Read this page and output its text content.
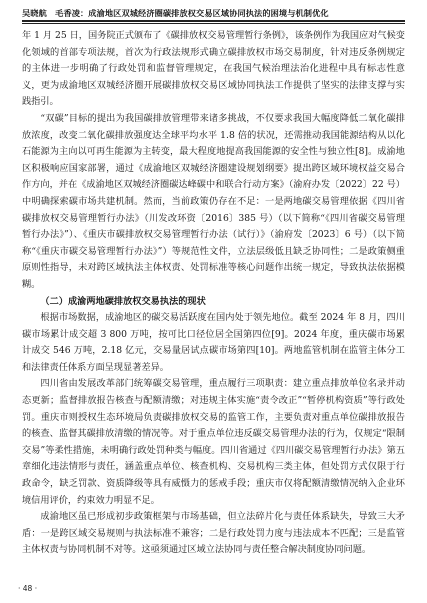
吴晓航　毛香凌：成渝地区双城经济圈碳排放权交易区域协同执法的困境与机制优化

年 1 月 25 日，国务院正式颁布了《碳排放权交易管理暂行条例》，该条例作为我国应对气候变化领域的首部专项法规，首次为行政法规形式确立碳排放权市场交易制度，针对违反条例规定的主体进一步明确了行政处罚和监督管理规定，在我国气候治理法治化进程中具有标志性意义，更为成渝地区双城经济圈开展碳排放权交易区域协同执法工作提供了坚实的法律支撑与实践指引。

“双碳”目标的提出为我国碳排放管理带来诸多挑战，不仅要求我国大幅度降低二氧化碳排放浓度，改变二氧化碳排放强度达全球平均水平 1.8 倍的状况，还需推动我国能源结构从以化石能源为主向以可再生能源为主转变，最大程度地提高我国能源的安全性与独立性[8]。成渝地区积极响应国家部署，通过《成渝地区双城经济圈建设规划纲要》提出跨区域环境权益交易合作方向，并在《成渝地区双城经济圈碳达峰碳中和联合行动方案》（渝府办发〔2022〕22 号）中明确探索碳市场共建机制。然而，当前政策仍存在不足：一是两地碳交易管理依据《四川省碳排放权交易管理暂行办法》（川发改环资〔2016〕385 号）（以下简称“《四川省碳交易管理暂行办法》”）、《重庆市碳排放权交易管理暂行办法（试行）》（渝府发〔2023〕6 号）（以下简称“《重庆市碳交易管理暂行办法》”）等规范性文件，立法层级低且缺乏协同性；二是政策侧重原则性指导，未对跨区域执法主体权责、处罚标准等核心问题作出统一规定，导致执法依据模糊。

（二）成渝两地碳排放权交易执法的现状

根据市场数据，成渝地区的碳交易活跃度在国内处于领先地位。截至 2024 年 8 月，四川碳市场累计成交超 3 800 万吨，按可比口径位居全国第四位[9]。2024 年度，重庆碳市场累计成交 546 万吨，2.18 亿元，交易量居试点碳市场第四[10]。两地监管机制在监管主体分工和法律责任体系方面呈现显著差异。

四川省由发展改革部门统筹碳交易管理，重点履行三项职责：建立重点排放单位名录并动态更新；监督排放报告核查与配额清缴；对违规主体实施“责令改正”“暂停机构资质”等行政处罚。重庆市则授权生态环境局负责碳排放权交易的监管工作，主要负责对重点单位碳排放报告的核查、监督其碳排放清缴的情况等。对于重点单位违反碳交易管理办法的行为，仅规定“限制交易”等柔性措施，未明确行政处罚种类与幅度。四川省通过《四川碳交易管理暂行办法》第五章细化违法情形与责任，涵盖重点单位、核查机构、交易机构三类主体，但处罚方式仅限于行政命令，缺乏罚款、资质降级等具有威慑力的惩戒手段；重庆市仅将配额清缴情况纳入企业环境信用评价，约束效力明显不足。

成渝地区虽已形成初步政策框架与市场基础，但立法碎片化与责任体系缺失，导致三大矛盾：一是跨区域交易规则与执法标准不兼容；二是行政处罚力度与违法成本不匹配；三是监管主体权责与协同机制不对等。这亟须通过区域立法协同与责任整合解决制度协同问题。

· 48 ·
